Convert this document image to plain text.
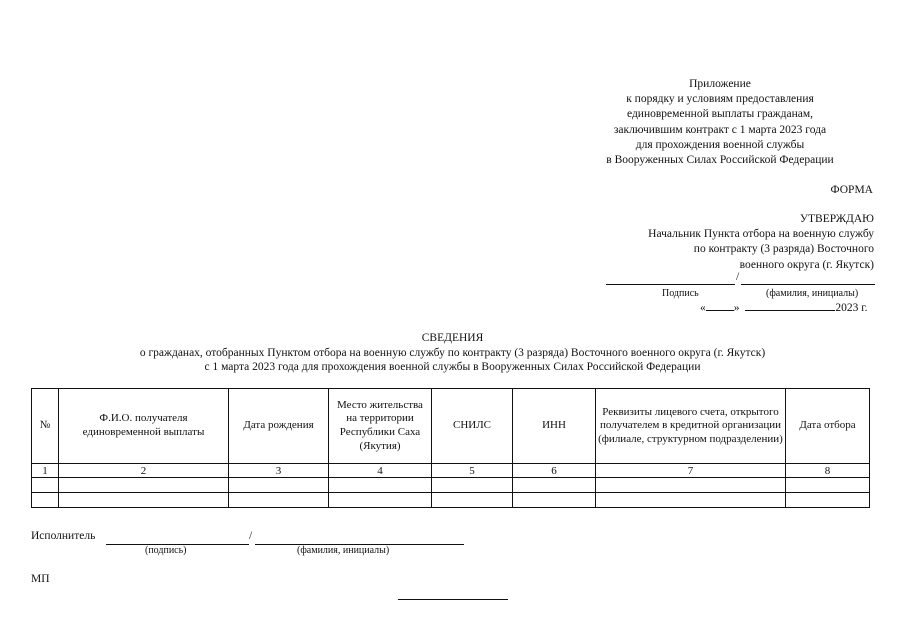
Приложение
к порядку и условиям предоставления
единовременной выплаты гражданам,
заключившим контракт с 1 марта 2023 года
для прохождения военной службы
в Вооруженных Силах Российской Федерации
ФОРМА
УТВЕРЖДАЮ
Начальник Пункта отбора на военную службу
по контракту (3 разряда) Восточного
военного округа (г. Якутск)
/
Подпись	(фамилия, инициалы)
« »	2023 г.
СВЕДЕНИЯ
о гражданах, отобранных Пунктом отбора на военную службу по контракту (3 разряда) Восточного военного округа (г. Якутск)
с 1 марта 2023 года для прохождения военной службы в Вооруженных Силах Российской Федерации
№	Ф.И.О. получателя единовременной выплаты	Дата рождения	Место жительства на территории Республики Саха (Якутия)	СНИЛС	ИНН	Реквизиты лицевого счета, открытого получателем в кредитной организации (филиале, структурном подразделении)	Дата отбора
1	2	3	4	5	6	7	8

Исполнитель	/
(подпись)	(фамилия, инициалы)
МП
